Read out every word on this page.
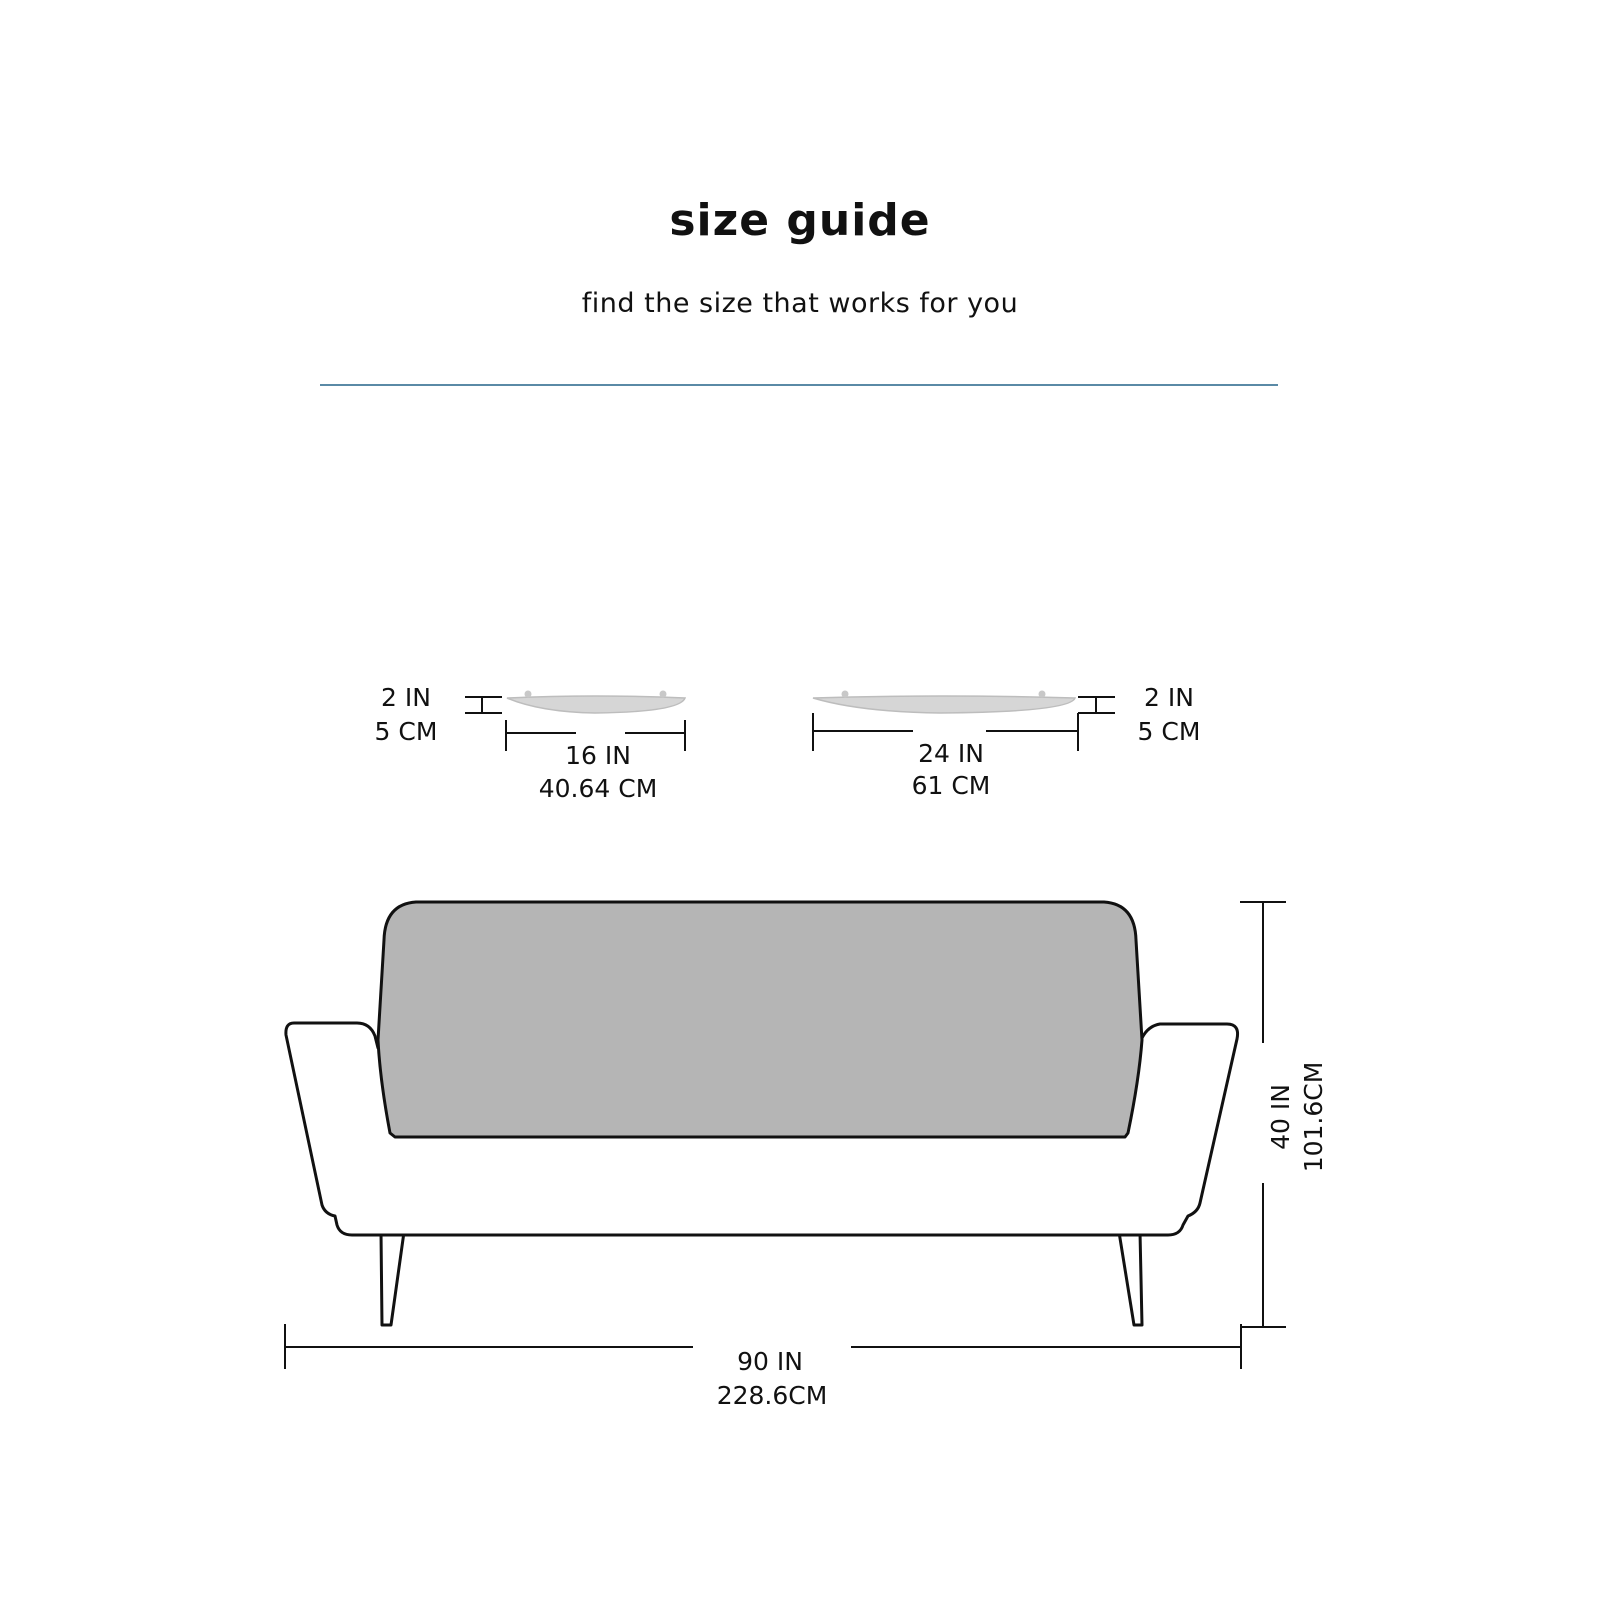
size guide
find the size that works for you
2 IN
5 CM
16 IN
40.64 CM
24 IN
61 CM
2 IN
5 CM
40 IN 101.6CM
90 IN
228.6CM
